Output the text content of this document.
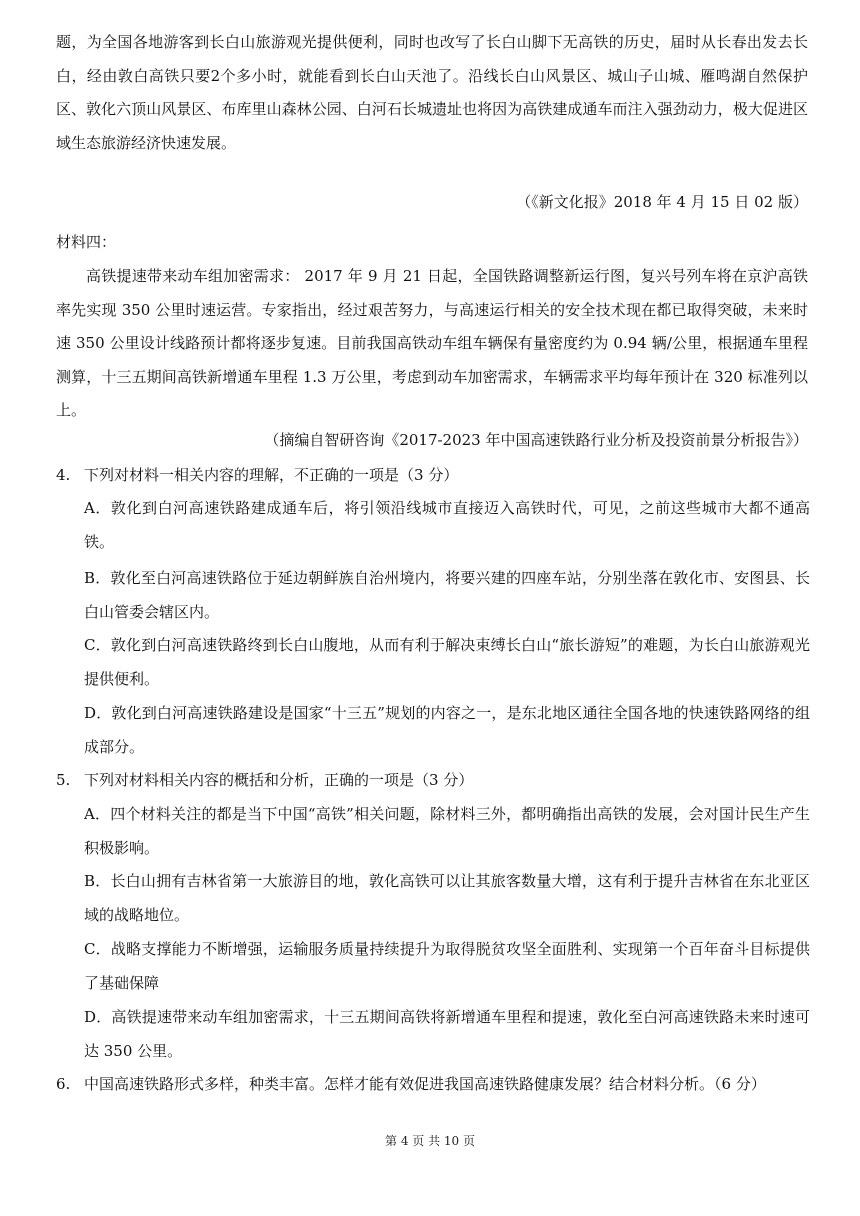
题，为全国各地游客到长白山旅游观光提供便利，同时也改写了长白山脚下无高铁的历史，届时从长春出发去长白，经由敦白高铁只要2个多小时，就能看到长白山天池了。沿线长白山风景区、城山子山城、雁鸣湖自然保护区、敦化六顶山风景区、布库里山森林公园、白河石长城遗址也将因为高铁建成通车而注入强劲动力，极大促进区域生态旅游经济快速发展。

（《新文化报》2018 年 4 月 15 日 02 版）

材料四：

高铁提速带来动车组加密需求： 2017 年 9 月 21 日起，全国铁路调整新运行图，复兴号列车将在京沪高铁率先实现 350 公里时速运营。专家指出，经过艰苦努力，与高速运行相关的安全技术现在都已取得突破，未来时速 350 公里设计线路预计都将逐步复速。目前我国高铁动车组车辆保有量密度约为 0.94 辆/公里，根据通车里程测算，十三五期间高铁新增通车里程 1.3 万公里，考虑到动车加密需求，车辆需求平均每年预计在 320 标准列以上。

（摘编自智研咨询《2017-2023 年中国高速铁路行业分析及投资前景分析报告》）

4. 下列对材料一相关内容的理解，不正确的一项是（3 分）

A．敦化到白河高速铁路建成通车后，将引领沿线城市直接迈入高铁时代，可见，之前这些城市大都不通高铁。

B．敦化至白河高速铁路位于延边朝鲜族自治州境内，将要兴建的四座车站，分别坐落在敦化市、安图县、长白山管委会辖区内。

C．敦化到白河高速铁路终到长白山腹地，从而有利于解决束缚长白山“旅长游短”的难题，为长白山旅游观光提供便利。

D．敦化到白河高速铁路建设是国家“十三五”规划的内容之一，是东北地区通往全国各地的快速铁路网络的组成部分。

5. 下列对材料相关内容的概括和分析，正确的一项是（3 分）

A．四个材料关注的都是当下中国“高铁”相关问题，除材料三外，都明确指出高铁的发展，会对国计民生产生积极影响。

B．长白山拥有吉林省第一大旅游目的地，敦化高铁可以让其旅客数量大增，这有利于提升吉林省在东北亚区域的战略地位。

C．战略支撑能力不断增强，运输服务质量持续提升为取得脱贫攻坚全面胜利、实现第一个百年奋斗目标提供了基础保障

D．高铁提速带来动车组加密需求，十三五期间高铁将新增通车里程和提速，敦化至白河高速铁路未来时速可达 350 公里。

6. 中国高速铁路形式多样，种类丰富。怎样才能有效促进我国高速铁路健康发展？结合材料分析。（6 分）

第 4 页 共 10 页
